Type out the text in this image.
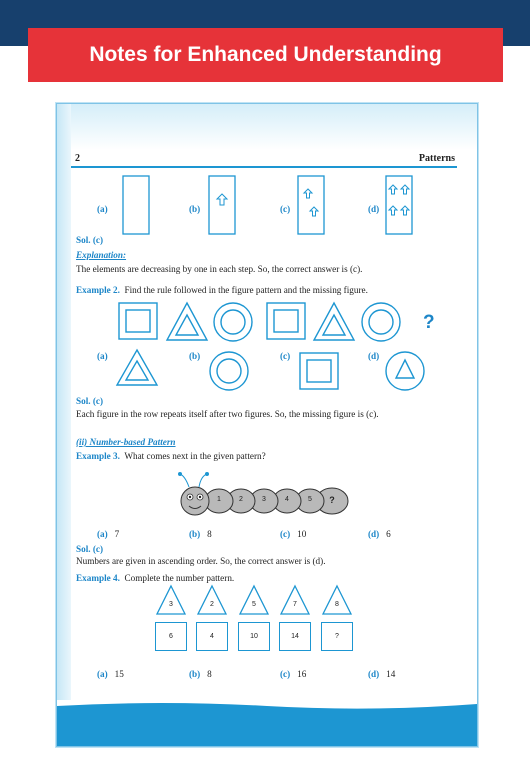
Notes for Enhanced Understanding
2	Patterns
(a)	(b)	(c)	(d)
Sol. (c)
Explanation:
The elements are decreasing by one in each step. So, the correct answer is (c).
Example 2. Find the rule followed in the figure pattern and the missing figure.
?
(a)	(b)	(c)	(d)
Sol. (c)
Each figure in the row repeats itself after two figures. So, the missing figure is (c).
(ii) Number-based Pattern
Example 3. What comes next in the given pattern?
1	2	3	4	5	?
(a) 7	(b) 8	(c) 10	(d) 6
Sol. (c)
Numbers are given in ascending order. So, the correct answer is (d).
Example 4. Complete the number pattern.
3	2	5	7	8
6	4	10	14	?
(a) 15	(b) 8	(c) 16	(d) 14
